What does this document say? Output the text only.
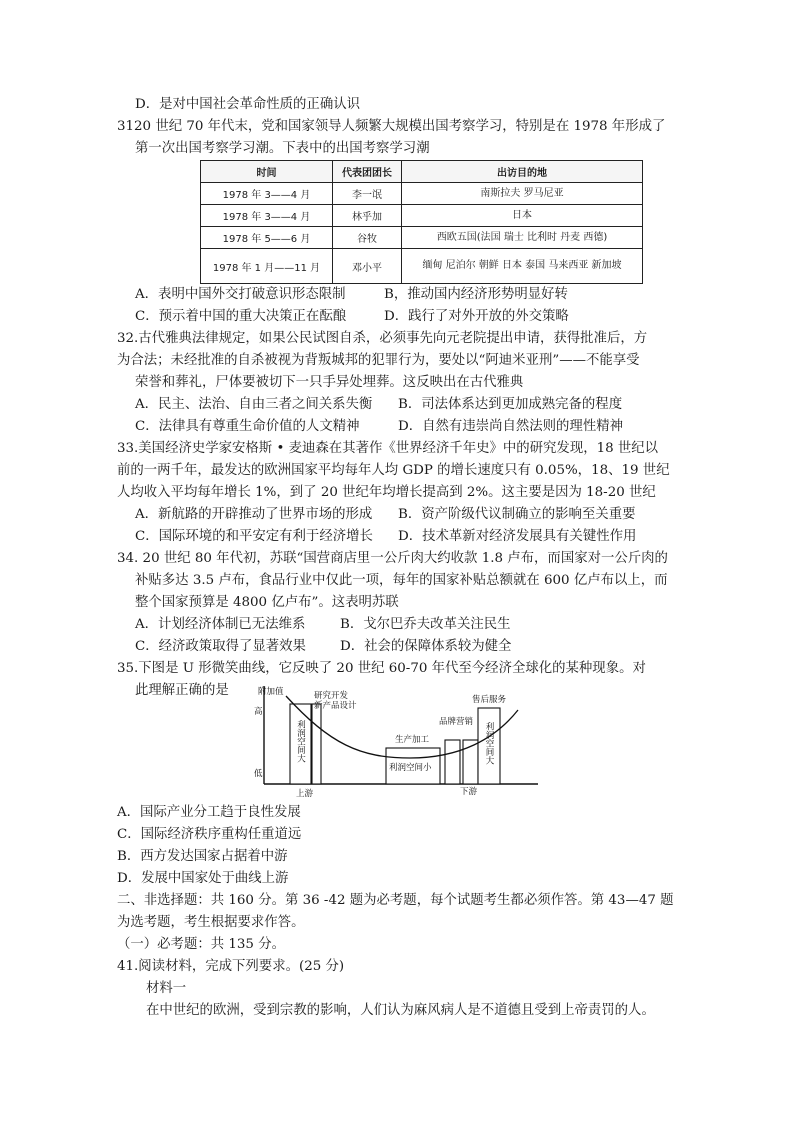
D．是对中国社会革命性质的正确认识
3120 世纪 70 年代末，党和国家领导人频繁大规模出国考察学习，特别是在 1978 年形成了
第一次出国考察学习潮。下表中的出国考察学习潮
时间	代表团团长	出访目的地
1978 年 3——4 月	李一氓	南斯拉夫 罗马尼亚
1978 年 3——4 月	林乎加	日本
1978 年 5——6 月	谷牧	西欧五国(法国 瑞士 比利时 丹麦 西德)
1978 年 1 月——11 月	邓小平	缅甸 尼泊尔 朝鲜 日本 泰国 马来西亚 新加坡
A．表明中国外交打破意识形态限制	B，推动国内经济形势明显好转
C．预示着中国的重大决策正在酝酿	D．践行了对外开放的外交策略
32.古代雅典法律规定，如果公民试图自杀，必须事先向元老院提出申请，获得批准后，方
为合法；未经批准的自杀被视为背叛城邦的犯罪行为，要处以“阿迪米亚刑”——不能享受
荣誉和葬礼，尸体要被切下一只手异处埋葬。这反映出在古代雅典
A．民主、法治、自由三者之间关系失衡 B．司法体系达到更加成熟完备的程度
C．法律具有尊重生命价值的人文精神	D．自然有违崇尚自然法则的理性精神
33.美国经济史学家安格斯 • 麦迪森在其著作《世界经济千年史》中的研究发现，18 世纪以
前的一两千年，最发达的欧洲国家平均每年人均 GDP 的增长速度只有 0.05%，18、19 世纪
人均收入平均每年增长 1%，到了 20 世纪年均增长提高到 2%。这主要是因为 18-20 世纪
A．新航路的开辟推动了世界市场的形成 B．资产阶级代议制确立的影响至关重要
C．国际环境的和平安定有利于经济增长 D．技术革新对经济发展具有关键性作用
34. 20 世纪 80 年代初，苏联“国营商店里一公斤肉大约收款 1.8 卢布，而国家对一公斤肉的
补贴多达 3.5 卢布，食品行业中仅此一项，每年的国家补贴总额就在 600 亿卢布以上，而
整个国家预算是 4800 亿卢布”。这表明苏联
A．计划经济体制已无法维系	B．戈尔巴乔夫改革关注民生
C．经济政策取得了显著效果	D．社会的保障体系较为健全
35.下图是 U 形微笑曲线，它反映了 20 世纪 60-70 年代至今经济全球化的某种现象。对
此理解正确的是	附加值
高
低
上游	下游
研究开发
新产品设计
生产加工
品牌营销
售后服务
利润空间小
利润空间大	利润空间大
A．国际产业分工趋于良性发展
C．国际经济秩序重构任重道远
B．西方发达国家占据着中游
D．发展中国家处于曲线上游
二、非选择题：共 160 分。第 36 -42 题为必考题，每个试题考生都必须作答。第 43—47 题
为选考题，考生根据要求作答。
（一）必考题：共 135 分。
41.阅读材料，完成下列要求。(25 分)
材料一
在中世纪的欧洲，受到宗教的影响，人们认为麻风病人是不道德且受到上帝责罚的人。
